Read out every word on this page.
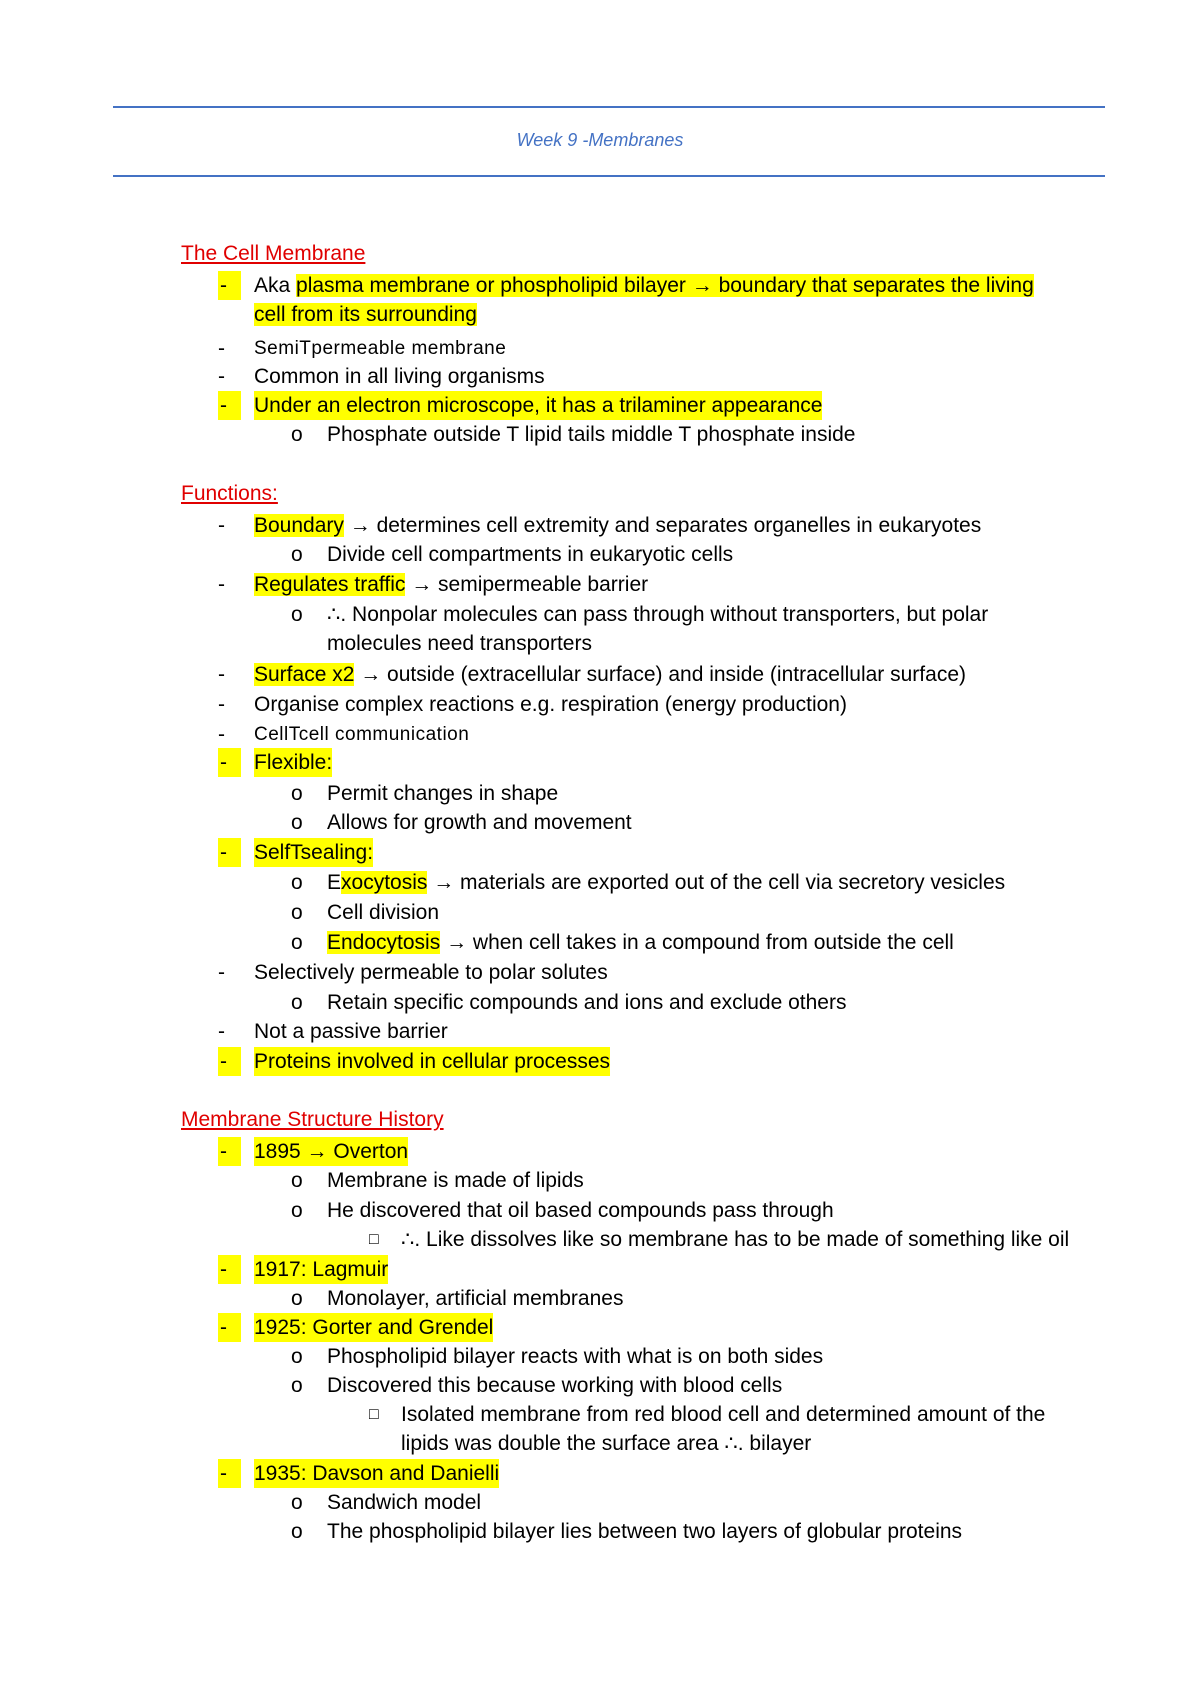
Week 9 -Membranes
The Cell Membrane
-	Aka plasma membrane or phospholipid bilayer → boundary that separates the living
cell from its surrounding
- SemiTpermeable membrane
- Common in all living organisms
-	Under an electron microscope, it has a trilaminer appearance
o Phosphate outside T lipid tails middle T phosphate inside
Functions:
- Boundary → determines cell extremity and separates organelles in eukaryotes
o Divide cell compartments in eukaryotic cells
- Regulates traffic → semipermeable barrier
o ∴. Nonpolar molecules can pass through without transporters, but polar
molecules need transporters
- Surface x2 → outside (extracellular surface) and inside (intracellular surface)
- Organise complex reactions e.g. respiration (energy production)
- CellTcell communication
-	Flexible:
o Permit changes in shape
o Allows for growth and movement
-	SelfTsealing:
o Exocytosis → materials are exported out of the cell via secretory vesicles
o Cell division
o Endocytosis → when cell takes in a compound from outside the cell
- Selectively permeable to polar solutes
o Retain specific compounds and ions and exclude others
- Not a passive barrier
-	Proteins involved in cellular processes
Membrane Structure History
-	1895 → Overton
o Membrane is made of lipids
o He discovered that oil based compounds pass through
□ ∴. Like dissolves like so membrane has to be made of something like oil
-	1917: Lagmuir
o Monolayer, artificial membranes
-	1925: Gorter and Grendel
o Phospholipid bilayer reacts with what is on both sides
o Discovered this because working with blood cells
□ Isolated membrane from red blood cell and determined amount of the
lipids was double the surface area ∴. bilayer
-	1935: Davson and Danielli
o Sandwich model
o The phospholipid bilayer lies between two layers of globular proteins
